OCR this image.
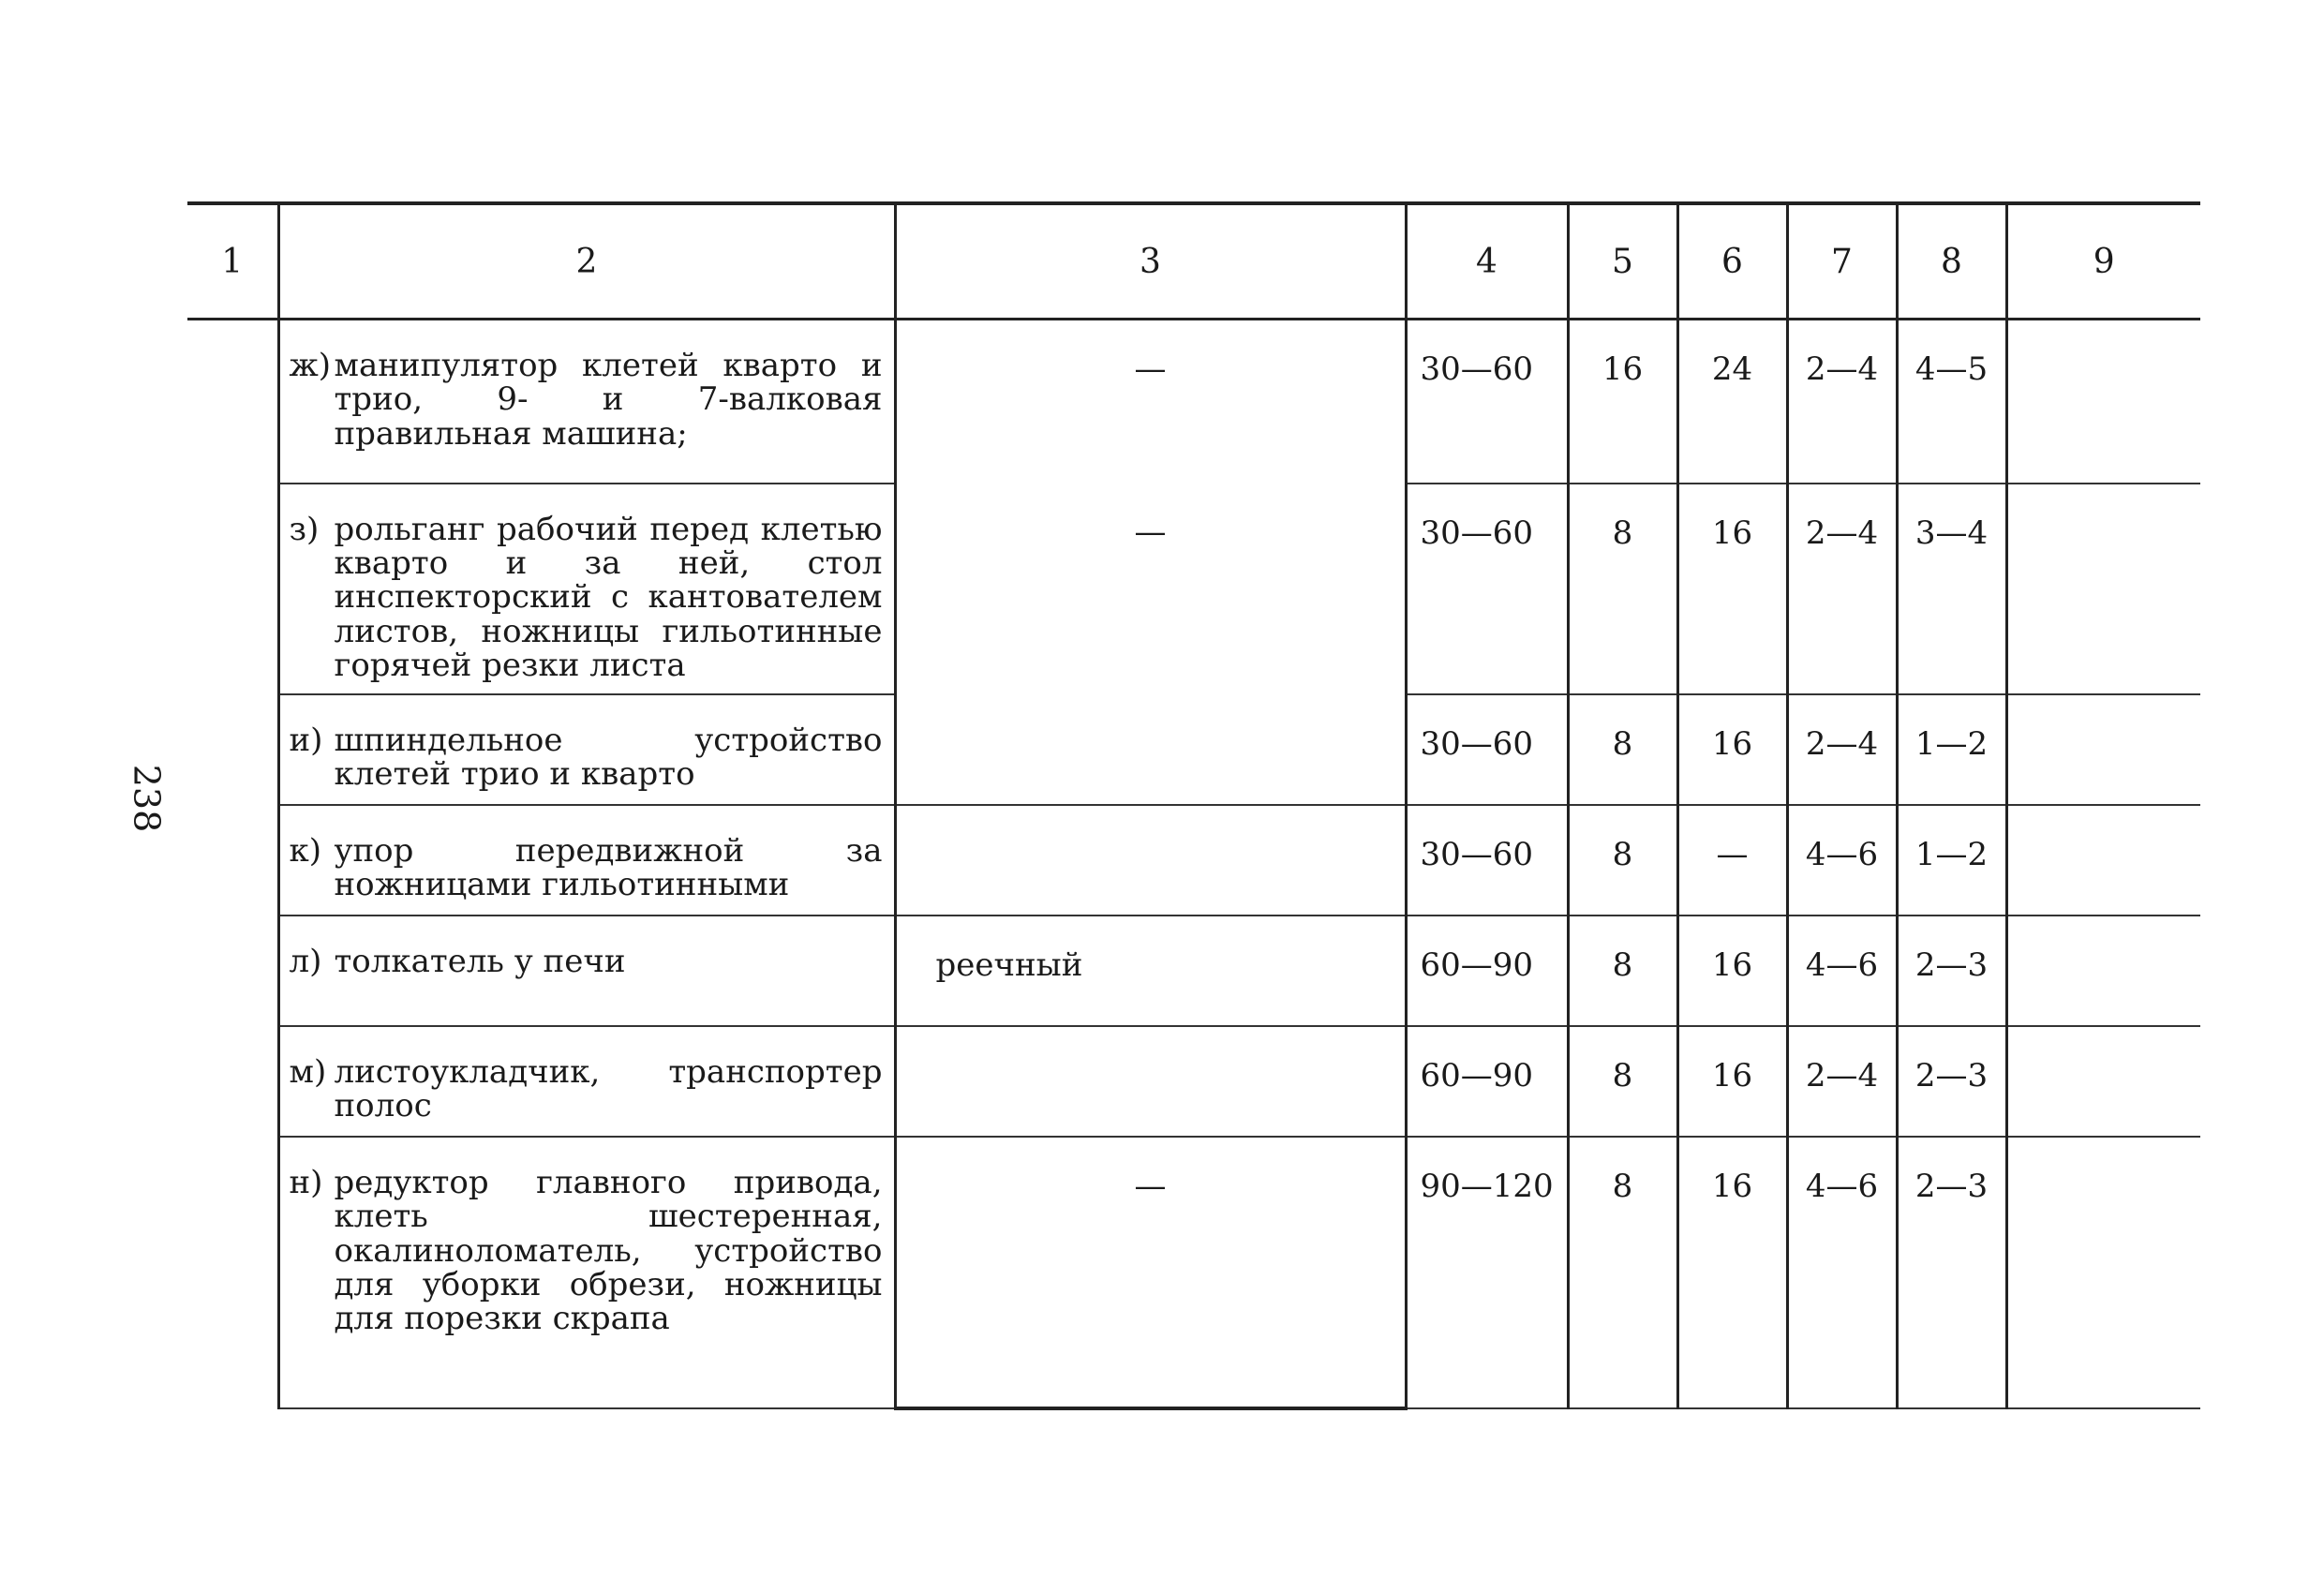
238
1	2	3	4	5	6	7	8	9

	ж) манипулятор клетей кварто и трио, 9- и 7-валковая правильная машина;	—	30—60	16	24	2—4	4—5	

	з) рольганг рабочий перед клетью кварто и за ней, стол инспекторский с кантователем листов, ножницы гильотинные горячей резки листа	—	30—60	8	16	2—4	3—4	

	и) шпиндельное устройство клетей трио и кварто		30—60	8	16	2—4	1—2	

	к) упор передвижной за ножницами гильотинными		30—60	8	—	4—6	1—2	

	л) толкатель у печи	реечный	60—90	8	16	4—6	2—3	

	м) листоукладчик, транспортер полос		60—90	8	16	2—4	2—3	

	н) редуктор главного привода, клеть шестеренная, окалиноломатель, устройство для уборки обрези, ножницы для порезки скрапа	—	90—120	8	16	4—6	2—3	
